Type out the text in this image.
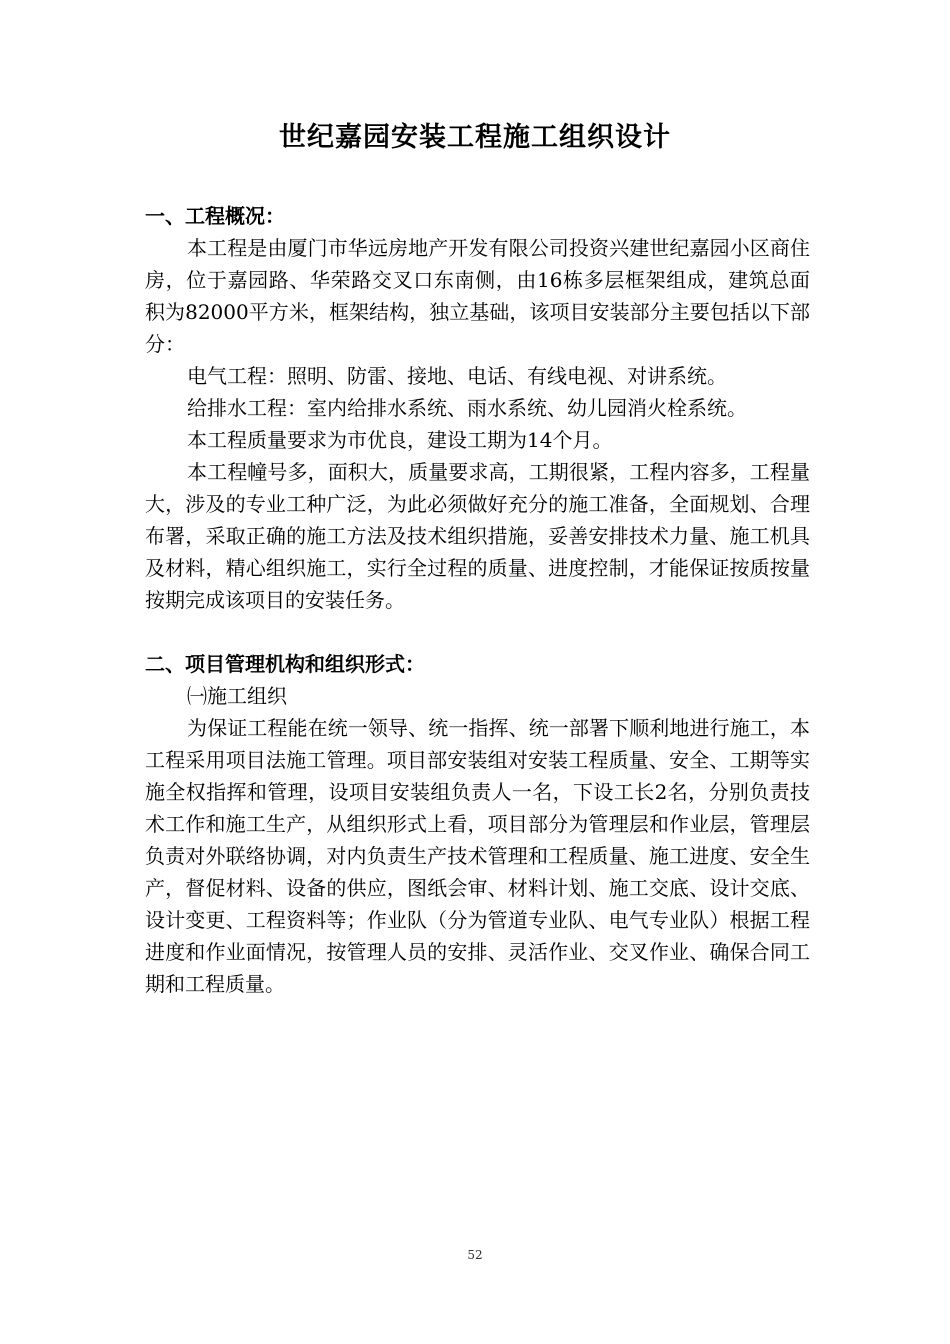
世纪嘉园安装工程施工组织设计

一、工程概况：

本工程是由厦门市华远房地产开发有限公司投资兴建世纪嘉园小区商住房，位于嘉园路、华荣路交叉口东南侧，由16栋多层框架组成，建筑总面积为82000平方米，框架结构，独立基础，该项目安装部分主要包括以下部分：

电气工程：照明、防雷、接地、电话、有线电视、对讲系统。

给排水工程：室内给排水系统、雨水系统、幼儿园消火栓系统。

本工程质量要求为市优良，建设工期为14个月。

本工程幢号多，面积大，质量要求高，工期很紧，工程内容多，工程量大，涉及的专业工种广泛，为此必须做好充分的施工准备，全面规划、合理布署，采取正确的施工方法及技术组织措施，妥善安排技术力量、施工机具及材料，精心组织施工，实行全过程的质量、进度控制，才能保证按质按量按期完成该项目的安装任务。

二、项目管理机构和组织形式：

㈠施工组织

为保证工程能在统一领导、统一指挥、统一部署下顺利地进行施工，本工程采用项目法施工管理。项目部安装组对安装工程质量、安全、工期等实施全权指挥和管理，设项目安装组负责人一名，下设工长2名，分别负责技术工作和施工生产，从组织形式上看，项目部分为管理层和作业层，管理层负责对外联络协调，对内负责生产技术管理和工程质量、施工进度、安全生产，督促材料、设备的供应，图纸会审、材料计划、施工交底、设计交底、设计变更、工程资料等；作业队（分为管道专业队、电气专业队）根据工程进度和作业面情况，按管理人员的安排、灵活作业、交叉作业、确保合同工期和工程质量。

52
